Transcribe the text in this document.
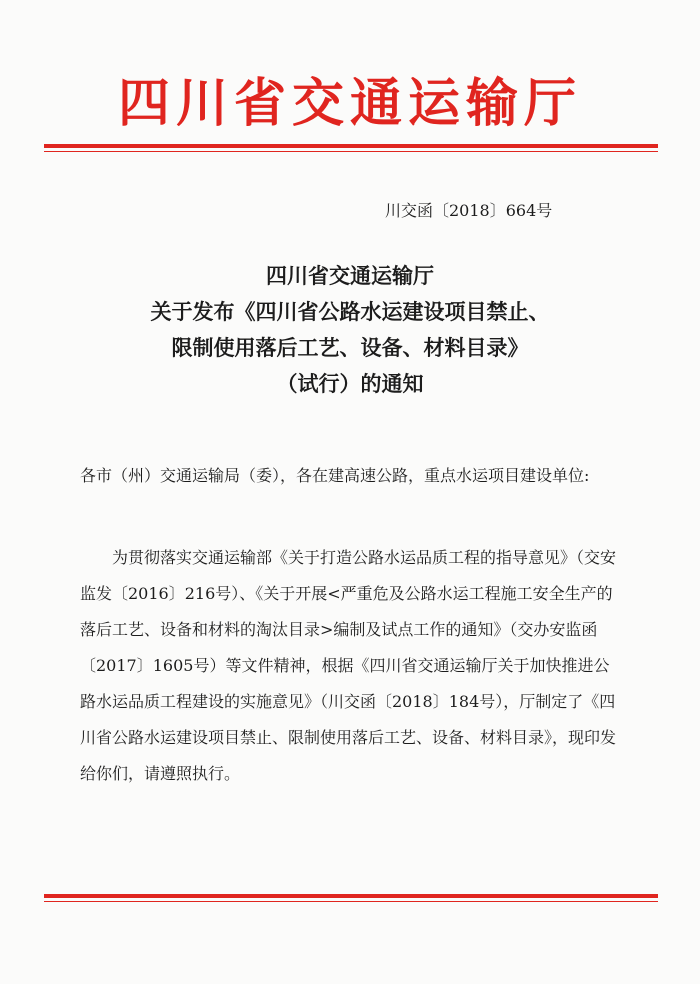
四川省交通运输厅
川交函〔2018〕664号
四川省交通运输厅
关于发布《四川省公路水运建设项目禁止、
限制使用落后工艺、设备、材料目录》
（试行）的通知
各市（州）交通运输局（委），各在建高速公路，重点水运项目建设单位:
为贯彻落实交通运输部《关于打造公路水运品质工程的指导意见》（交安监发〔2016〕216号）、《关于开展<严重危及公路水运工程施工安全生产的落后工艺、设备和材料的淘汰目录>编制及试点工作的通知》（交办安监函〔2017〕1605号）等文件精神，根据《四川省交通运输厅关于加快推进公路水运品质工程建设的实施意见》（川交函〔2018〕184号），厅制定了《四川省公路水运建设项目禁止、限制使用落后工艺、设备、材料目录》，现印发给你们，请遵照执行。
